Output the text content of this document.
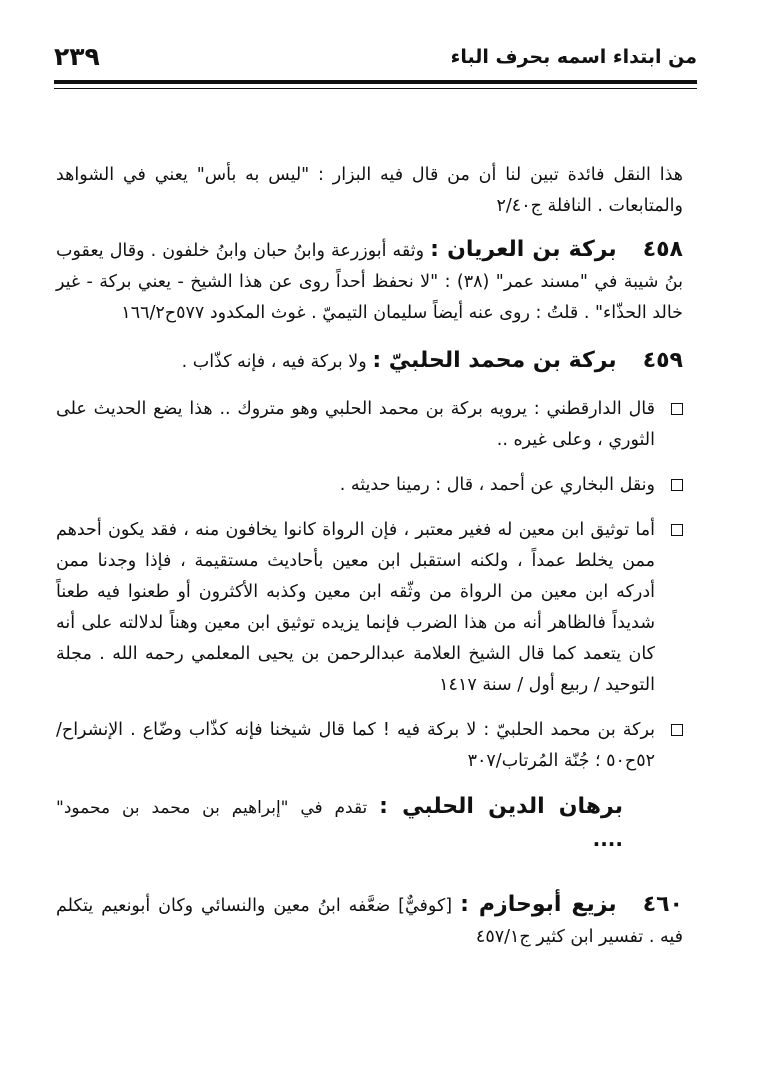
٢٣٩	من ابتداء اسمه بحرف الباء

هذا النقل فائدة تبين لنا أن من قال فيه البزار : "ليس به بأس" يعني في الشواهد والمتابعات . النافلة ج٢/٤٠

٤٥٨بركة بن العريان : وثقه أبوزرعة وابنُ حبان وابنُ خلفون . وقال يعقوب بنُ شيبة في "مسند عمر" (٣٨) : "لا نحفظ أحداً روى عن هذا الشيخ - يعني بركة - غير خالد الحذّاء" . قلتُ : روى عنه أيضاً سليمان التيميّ . غوث المكدود ٥٧٧ح١٦٦/٢

٤٥٩بركة بن محمد الحلبيّ : ولا بركة فيه ، فإنه كذّاب .

قال الدارقطني : يرويه بركة بن محمد الحلبي وهو متروك .. هذا يضع الحديث على الثوري ، وعلى غيره ..
ونقل البخاري عن أحمد ، قال : رمينا حديثه .
أما توثيق ابن معين له فغير معتبر ، فإن الرواة كانوا يخافون منه ، فقد يكون أحدهم ممن يخلط عمداً ، ولكنه استقبل ابن معين بأحاديث مستقيمة ، فإذا وجدنا ممن أدركه ابن معين من الرواة من وثّقه ابن معين وكذبه الأكثرون أو طعنوا فيه طعناً شديداً فالظاهر أنه من هذا الضرب فإنما يزيده توثيق ابن معين وهناً لدلالته على أنه كان يتعمد كما قال الشيخ العلامة عبدالرحمن بن يحيى المعلمي رحمه الله . مجلة التوحيد / ربيع أول / سنة ١٤١٧
بركة بن محمد الحلبيّ : لا بركة فيه ! كما قال شيخنا فإنه كذّاب وضّاع . الإنشراح/٥٢ح٥٠ ؛ جُنّة المُرتاب/٣٠٧

برهان الدين الحلبي : تقدم في "إبراهيم بن محمد بن محمود" ....

٤٦٠بزيع أبوحازم : [كوفيٌّ] ضعَّفه ابنُ معين والنسائي وكان أبونعيم يتكلم فيه . تفسير ابن كثير ج٤٥٧/١
